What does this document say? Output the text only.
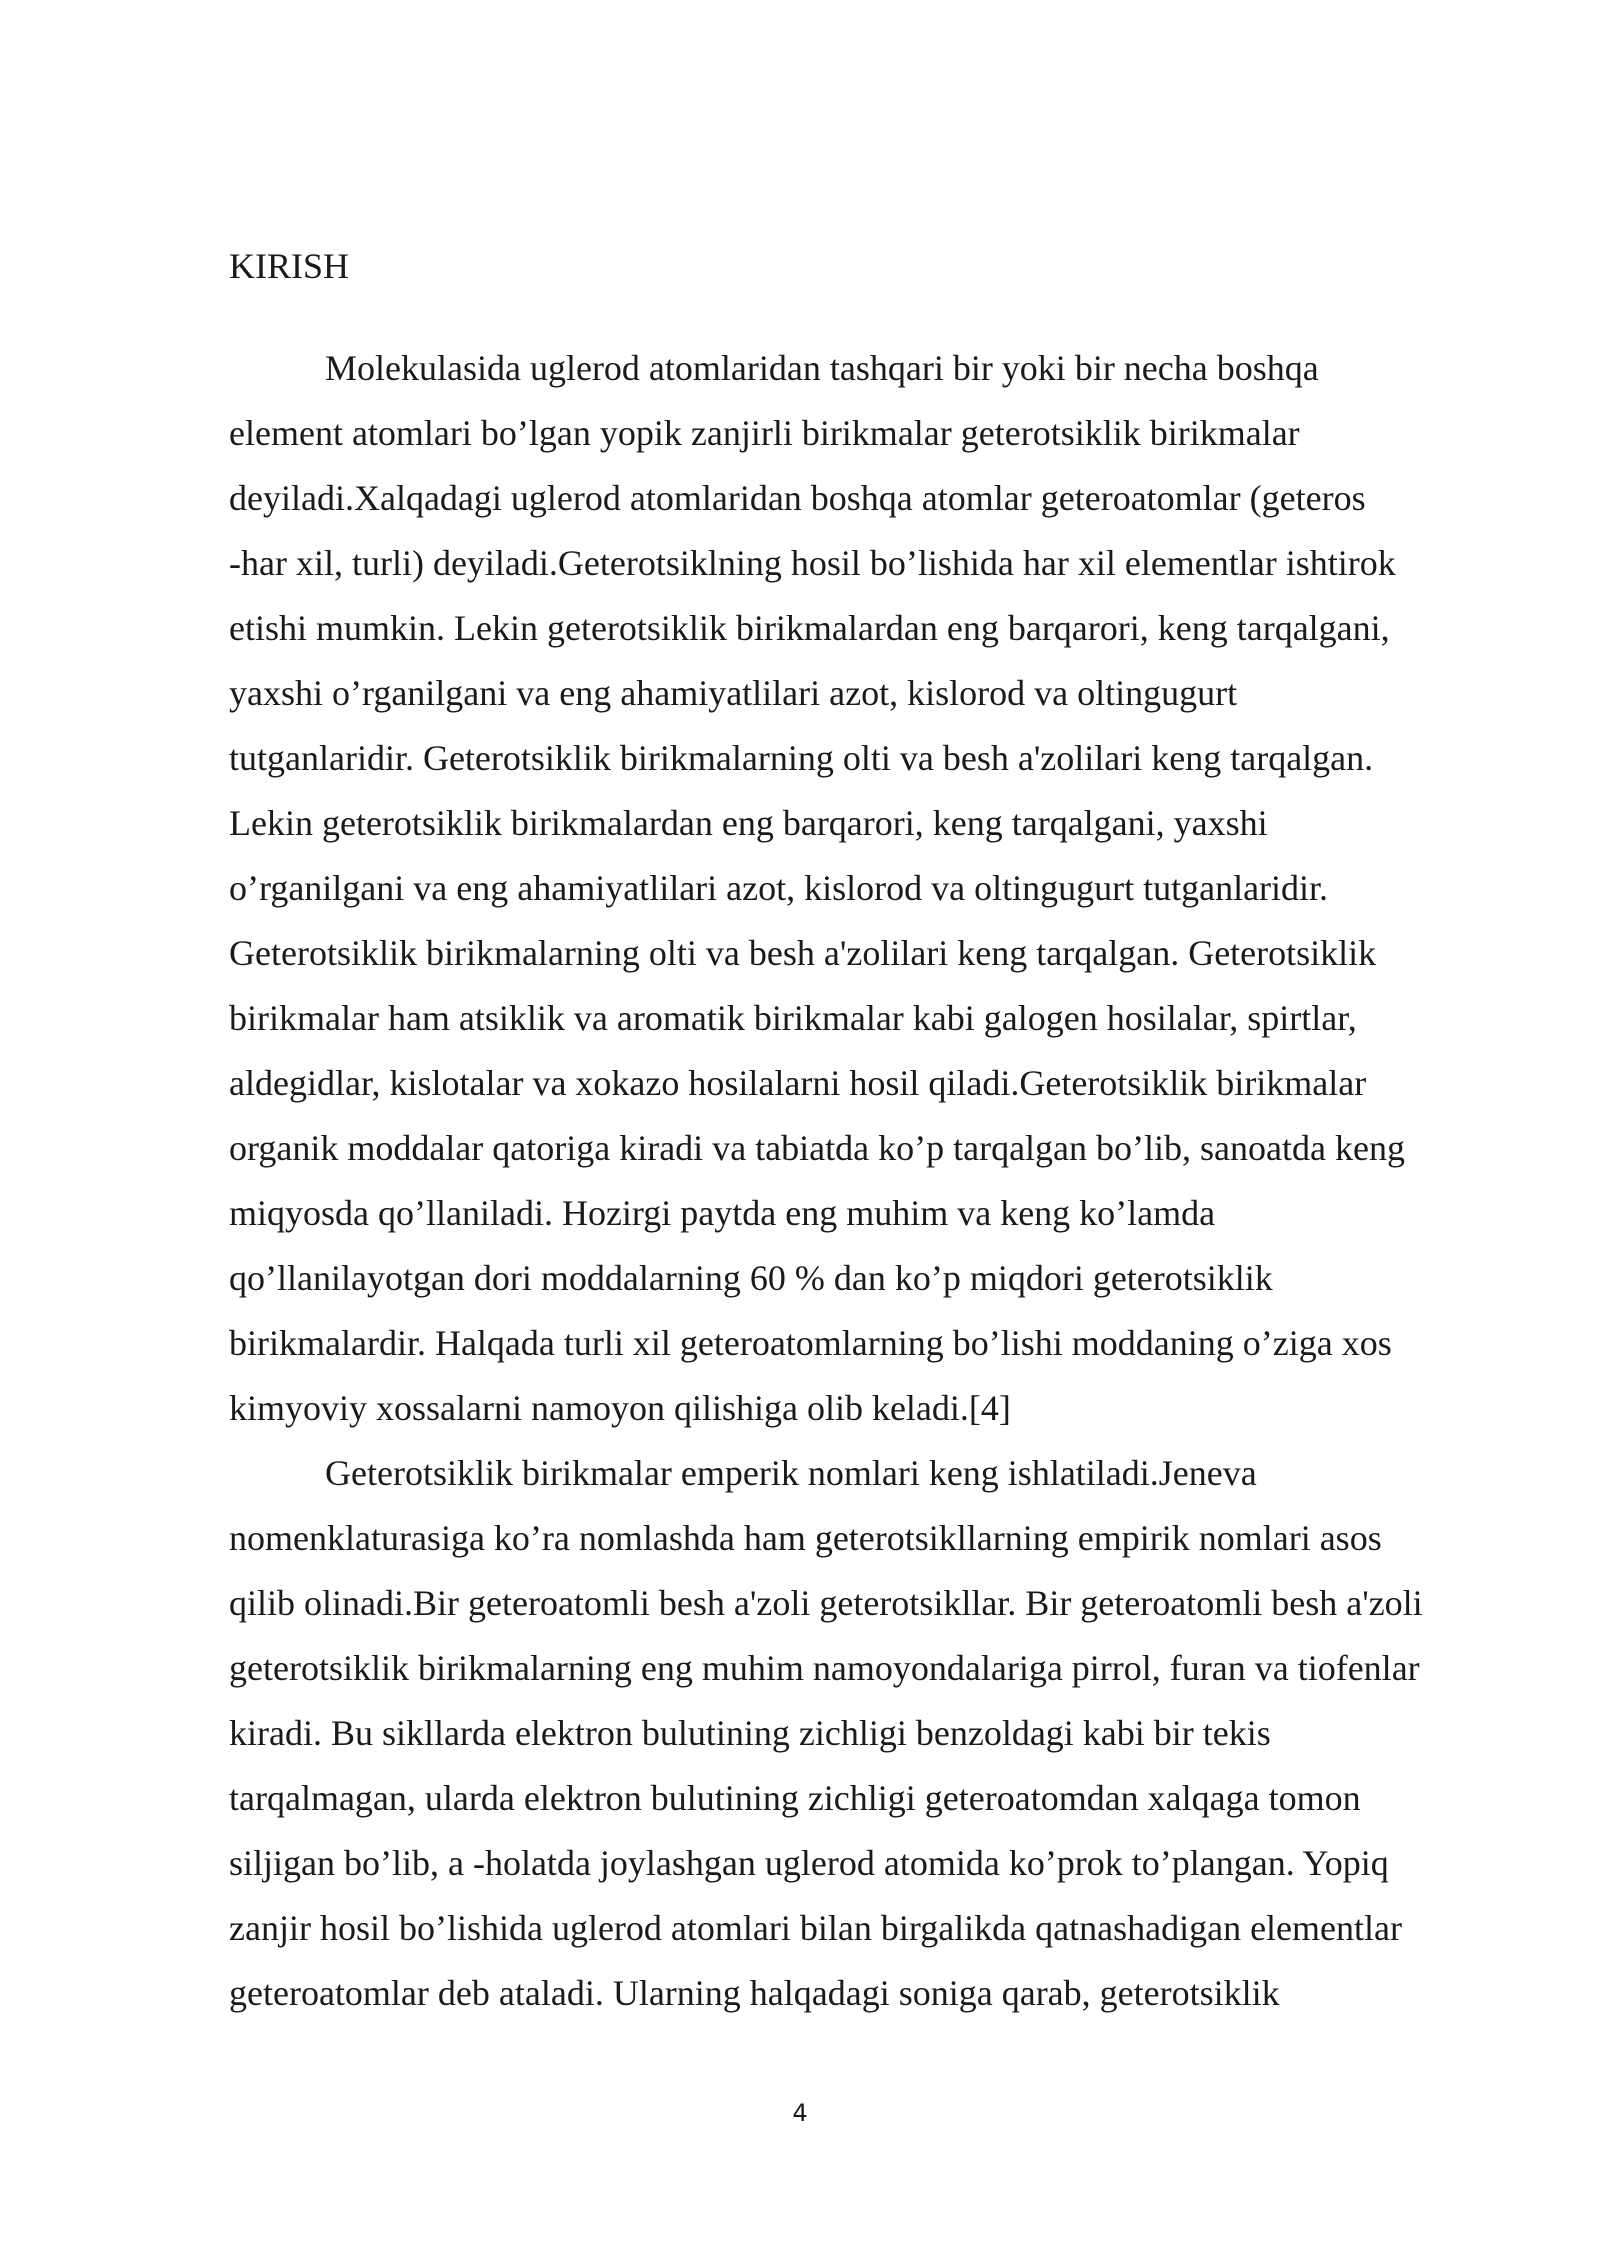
KIRISH

Molekulasida uglerod atomlaridan tashqari bir yoki bir necha boshqa
element atomlari bo’lgan yopik zanjirli birikmalar geterotsiklik birikmalar
deyiladi.Xalqadagi uglerod atomlaridan boshqa atomlar geteroatomlar (geteros
-har xil, turli) deyiladi.Geterotsiklning hosil bo’lishida har xil elementlar ishtirok
etishi mumkin. Lekin geterotsiklik birikmalardan eng barqarori, keng tarqalgani,
yaxshi o’rganilgani va eng ahamiyatlilari azot, kislorod va oltingugurt
tutganlaridir. Geterotsiklik birikmalarning olti va besh a'zolilari keng tarqalgan.
Lekin geterotsiklik birikmalardan eng barqarori, keng tarqalgani, yaxshi
o’rganilgani va eng ahamiyatlilari azot, kislorod va oltingugurt tutganlaridir.
Geterotsiklik birikmalarning olti va besh a'zolilari keng tarqalgan. Geterotsiklik
birikmalar ham atsiklik va aromatik birikmalar kabi galogen hosilalar, spirtlar,
aldegidlar, kislotalar va xokazo hosilalarni hosil qiladi.Geterotsiklik birikmalar
organik moddalar qatoriga kiradi va tabiatda ko’p tarqalgan bo’lib, sanoatda keng
miqyosda qo’llaniladi. Hozirgi paytda eng muhim va keng ko’lamda
qo’llanilayotgan dori moddalarning 60 % dan ko’p miqdori geterotsiklik
birikmalardir. Halqada turli xil geteroatomlarning bo’lishi moddaning o’ziga xos
kimyoviy xossalarni namoyon qilishiga olib keladi.[4]

Geterotsiklik birikmalar emperik nomlari keng ishlatiladi.Jeneva
nomenklaturasiga ko’ra nomlashda ham geterotsikllarning empirik nomlari asos
qilib olinadi.Bir geteroatomli besh a'zoli geterotsikllar. Bir geteroatomli besh a'zoli
geterotsiklik birikmalarning eng muhim namoyondalariga pirrol, furan va tiofenlar
kiradi. Bu sikllarda elektron bulutining zichligi benzoldagi kabi bir tekis
tarqalmagan, ularda elektron bulutining zichligi geteroatomdan xalqaga tomon
siljigan bo’lib, a -holatda joylashgan uglerod atomida ko’prok to’plangan. Yopiq
zanjir hosil bo’lishida uglerod atomlari bilan birgalikda qatnashadigan elementlar
geteroatomlar deb ataladi. Ularning halqadagi soniga qarab, geterotsiklik

4
